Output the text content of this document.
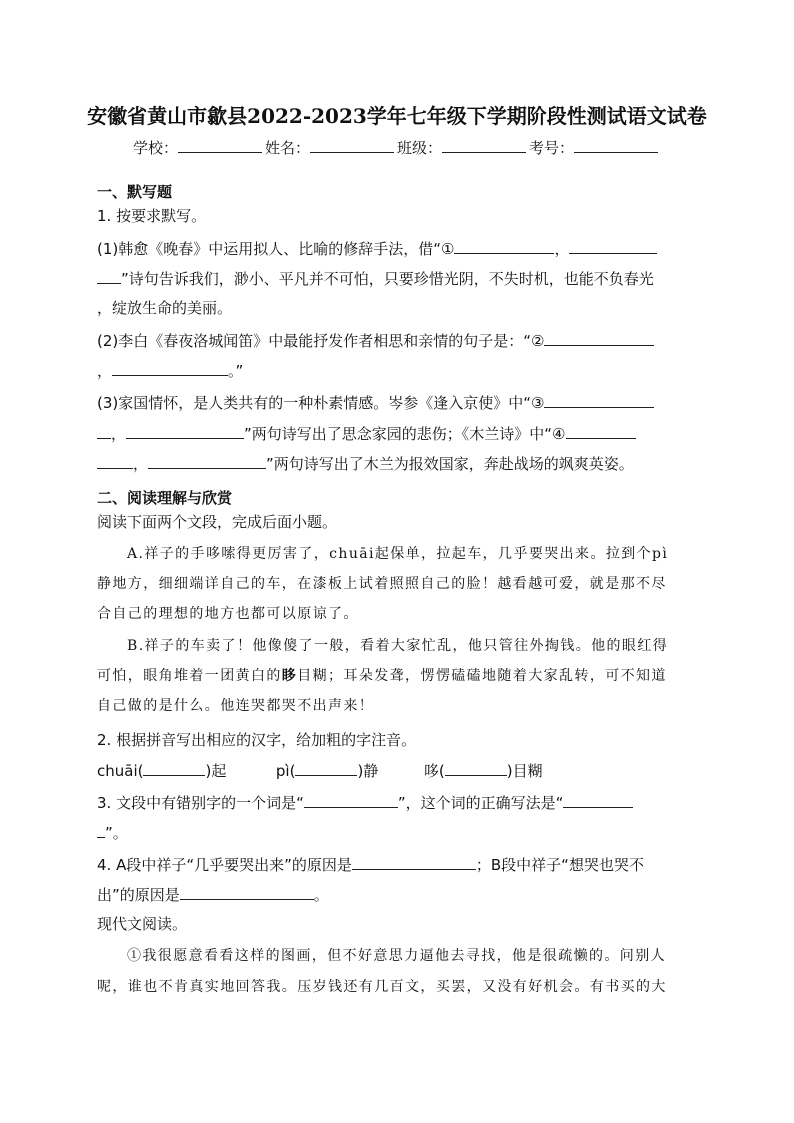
安徽省黄山市歙县2022-2023学年七年级下学期阶段性测试语文试卷
学校：	姓名：	班级：	考号：
一、默写题
1. 按要求默写。
(1)韩愈《晚春》中运用拟人、比喻的修辞手法，借“①	，
”诗句告诉我们，渺小、平凡并不可怕，只要珍惜光阴，不失时机，也能不负春光
，绽放生命的美丽。
(2)李白《春夜洛城闻笛》中最能抒发作者相思和亲情的句子是：“②
，	。”
(3)家国情怀，是人类共有的一种朴素情感。岑参《逢入京使》中“③
，	”两句诗写出了思念家园的悲伤；《木兰诗》中“④
，	”两句诗写出了木兰为报效国家，奔赴战场的飒爽英姿。
二、阅读理解与欣赏
阅读下面两个文段，完成后面小题。
A.祥子的手哆嗦得更厉害了，chuāi起保单，拉起车，几乎要哭出来。拉到个pì
静地方，细细端详自己的车，在漆板上试着照照自己的脸！越看越可爱，就是那不尽
合自己的理想的地方也都可以原谅了。
B.祥子的车卖了！他像傻了一般，看着大家忙乱，他只管往外掏钱。他的眼红得
可怕，眼角堆着一团黄白的眵目糊；耳朵发聋，愣愣磕磕地随着大家乱转，可不知道
自己做的是什么。他连哭都哭不出声来！
2. 根据拼音写出相应的汉字，给加粗的字注音。
chuāi(	)起	pì(	)静	哆(	)目糊
3. 文段中有错别字的一个词是“	”，这个词的正确写法是“
”。
4. A段中祥子“几乎要哭出来”的原因是	；B段中祥子“想哭也哭不
出”的原因是	。
现代文阅读。
①我很愿意看看这样的图画，但不好意思力逼他去寻找，他是很疏懒的。问别人
呢，谁也不肯真实地回答我。压岁钱还有几百文，买罢，又没有好机会。有书买的大
